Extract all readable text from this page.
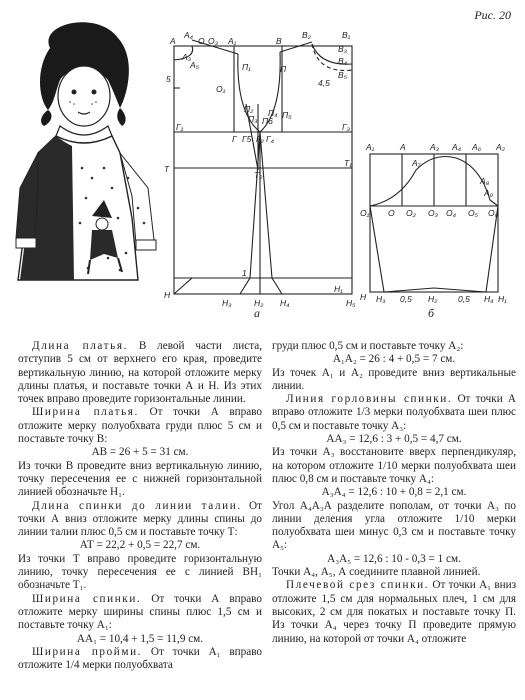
Рис. 20
А
А₄
О О₃ А₁
А₃
А₅
В
В₂	В₁
В₃
В₄
В₅
5	4,5
П₁	П
О₁
П₂
П₃ П6
П₄ П₅
Г₁
Г Г5 Г₂ Г₄
Г₃
Т
Т₂
Т₁
1
Н
Н₃	Н₂ Н₄
Н₁
Н₅
а
А₁	А
А₇
А₃ А₄ А₆ А₂
А₈
А₉
О₁ О О₂ О₃ О₄ О₅ О₆
Н Н₃ 0,5 Н₂ 0,5 Н₄ Н₁
б

Длина платья. В левой части листа, отступив 5 см от верхнего его края, проведите вертикальную линию, на которой отложите мерку длины платья, и поставьте точки А и Н. Из этих точек вправо проведите горизонтальные линии.

Ширина платья. От точки А вправо отложите мерку полуобхвата груди плюс 5 см и поставьте точку В:

АВ = 26 + 5 = 31 см.

Из точки В проведите вниз вертикальную линию, точку пересечения ее с нижней горизонтальной линией обозначьте Н₁.

Длина спинки до линии талии. От точки А вниз отложите мерку длины спины до линии талии плюс 0,5 см и поставьте точку Т:

АТ = 22,2 + 0,5 = 22,7 см.

Из точки Т вправо проведите горизонтальную линию, точку пересечения ее с линией ВН₁ обозначьте Т₁.

Ширина спинки. От точки А вправо отложите мерку ширины спины плюс 1,5 см и поставьте точку А₁:

АА₁ = 10,4 + 1,5 = 11,9 см.

Ширина пройми. От точки А₁ вправо отложите 1/4 мерки полуобхвата

груди плюс 0,5 см и поставьте точку А₂:

А₁А₂ = 26 : 4 + 0,5 = 7 см.

Из точек А₁ и А₂ проведите вниз вертикальные линии.

Линия горловины спинки. От точки А вправо отложите 1/3 мерки полуобхвата шеи плюс 0,5 см и поставьте точку А₃:

АА₃ = 12,6 : 3 + 0,5 = 4,7 см.

Из точки А₃ восстановите вверх перпендикуляр, на котором отложите 1/10 мерки полуобхвата шеи плюс 0,8 см и поставьте точку А₄:

А₃А₄ = 12,6 : 10 + 0,8 = 2,1 см.

Угол А₄А₃А разделите пополам, от точки А₃ по линии деления угла отложите 1/10 мерки полуобхвата шеи минус 0,3 см и поставьте точку А₅:

А₃А₅ = 12,6 : 10 - 0,3 = 1 см.

Точки А₄, А₅, А соедините плавной линией.

Плечевой срез спинки. От точки А₁ вниз отложите 1,5 см для нормальных плеч, 1 см для высоких, 2 см для покатых и поставьте точку П. Из точки А₄ через точку П проведите прямую линию, на которой от точки А₄ отложите
